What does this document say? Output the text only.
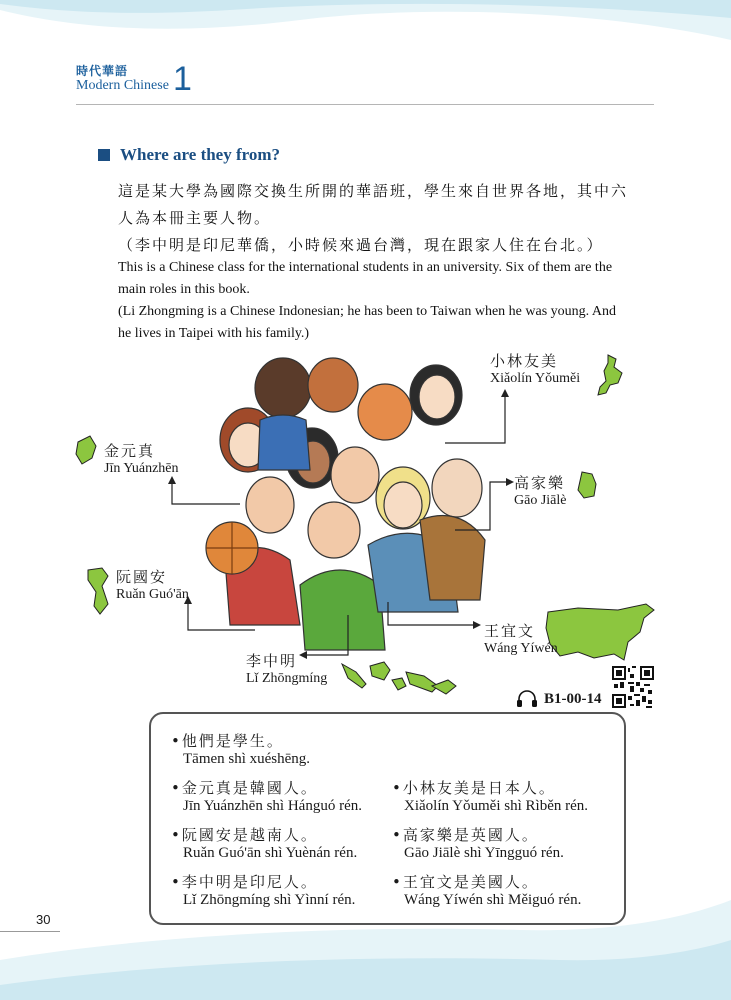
時代華語
Modern Chinese 1
Where are they from?
這是某大學為國際交換生所開的華語班，學生來自世界各地，其中六
人為本冊主要人物。
（李中明是印尼華僑，小時候來過台灣，現在跟家人住在台北。）
This is a Chinese class for the international students in an university. Six of them are the
main roles in this book.
(Li Zhongming is a Chinese Indonesian; he has been to Taiwan when he was young. And
he lives in Taipei with his family.)
小林友美
Xiǎolín Yǒuměi
金元真
Jīn Yuánzhēn
高家樂
Gāo Jiālè
阮國安
Ruǎn Guó'ān
王宜文
Wáng Yíwén
李中明
Lǐ Zhōngmíng
B1-00-14
•他們是學生。
Tāmen shì xuéshēng.
•金元真是韓國人。
Jīn Yuánzhēn shì Hánguó rén.
•小林友美是日本人。
Xiǎolín Yǒuměi shì Rìběn rén.
•阮國安是越南人。
Ruǎn Guó'ān shì Yuènán rén.
•高家樂是英國人。
Gāo Jiālè shì Yīngguó rén.
•李中明是印尼人。
Lǐ Zhōngmíng shì Yìnní rén.
•王宜文是美國人。
Wáng Yíwén shì Měiguó rén.
30
